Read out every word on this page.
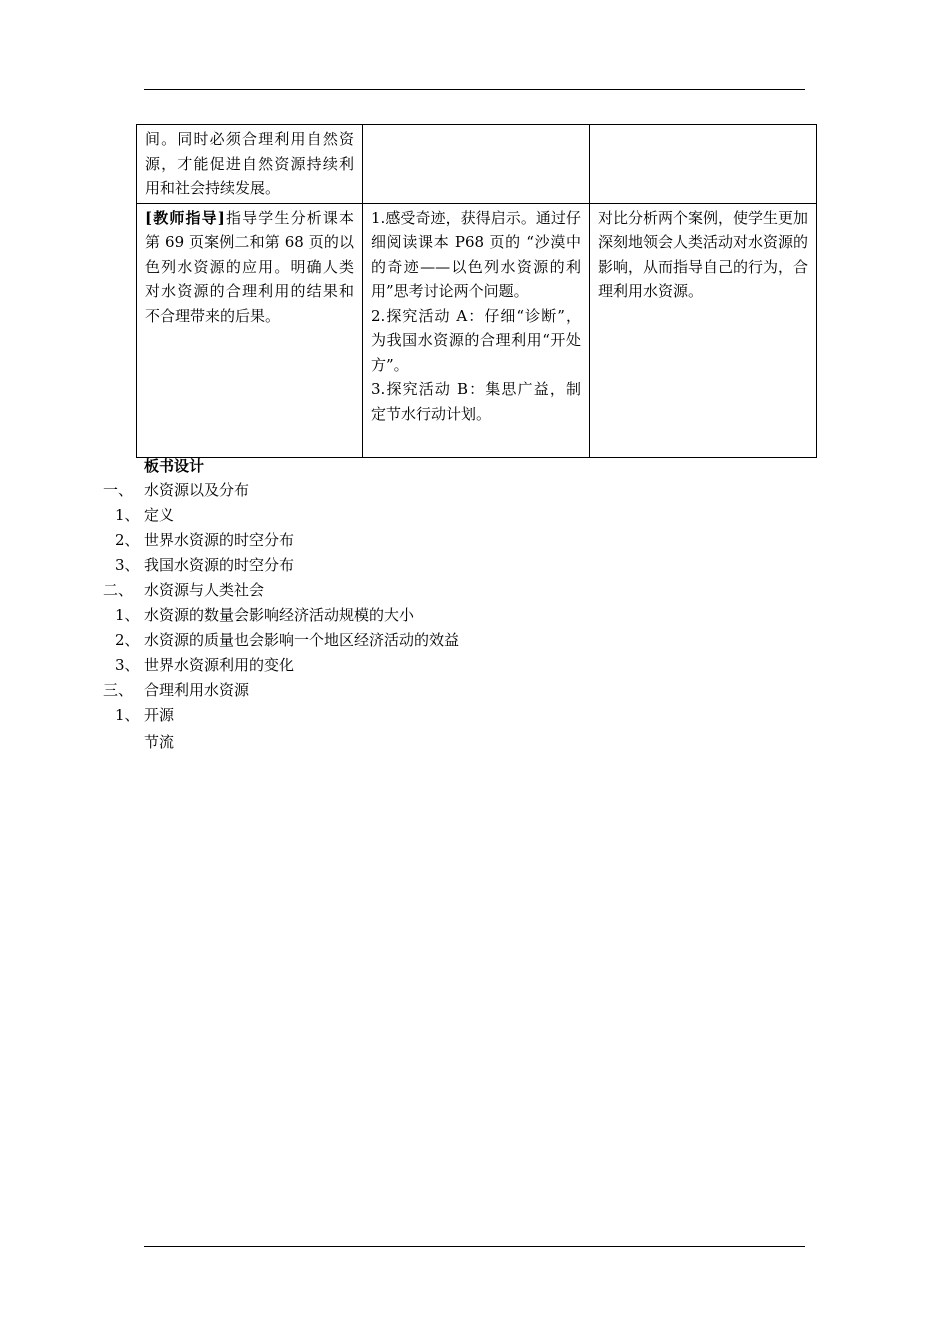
间。同时必须合理利用自然资源，才能促进自然资源持续利用和社会持续发展。		

[教师指导]指导学生分析课本第 69 页案例二和第 68 页的以色列水资源的应用。明确人类对水资源的合理利用的结果和不合理带来的后果。	1.感受奇迹，获得启示。通过仔细阅读课本 P68 页的 “沙漠中的奇迹——以色列水资源的利用”思考讨论两个问题。

2.探究活动 A：仔细“诊断”，为我国水资源的合理利用“开处方”。

3.探究活动 B：集思广益，制定节水行动计划。	对比分析两个案例，使学生更加深刻地领会人类活动对水资源的影响，从而指导自己的行为，合理利用水资源。

板书设计
一、 水资源以及分布
1、 定义
2、 世界水资源的时空分布
3、 我国水资源的时空分布
二、 水资源与人类社会
1、 水资源的数量会影响经济活动规模的大小
2、 水资源的质量也会影响一个地区经济活动的效益
3、 世界水资源利用的变化
三、 合理利用水资源
1、 开源
节流
